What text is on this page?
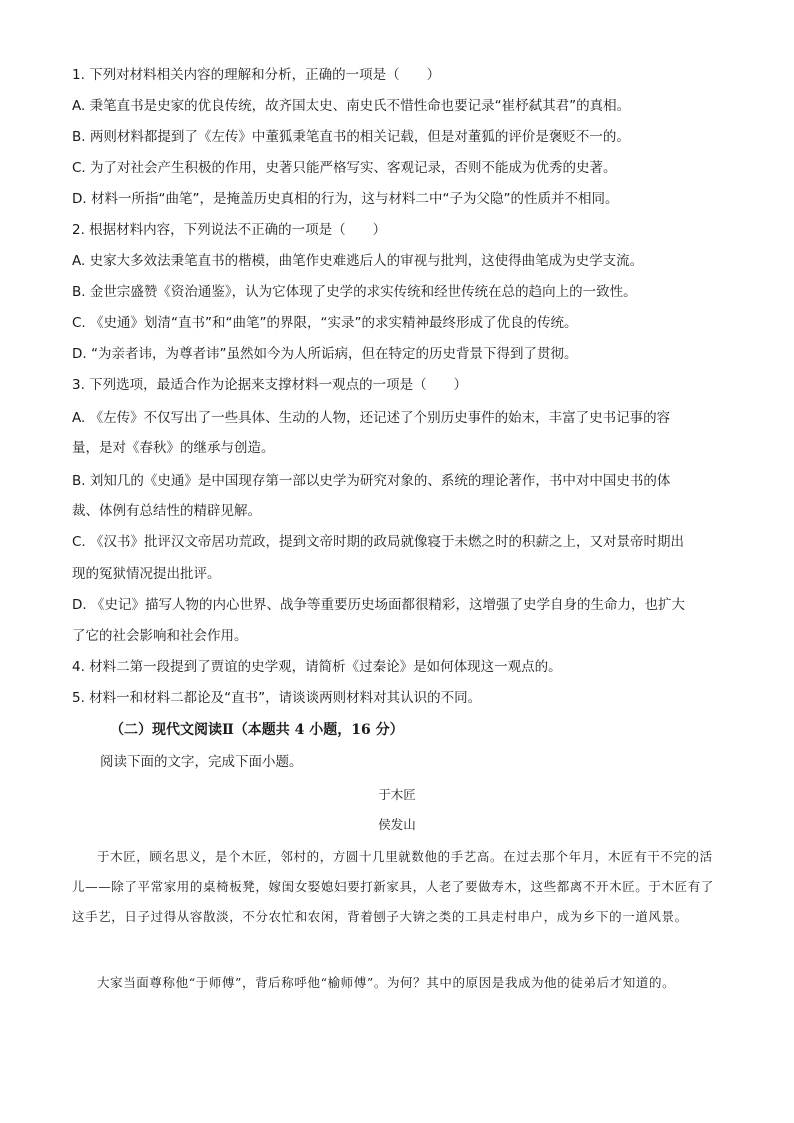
1. 下列对材料相关内容的理解和分析，正确的一项是（　　）
A. 秉笔直书是史家的优良传统，故齐国太史、南史氏不惜性命也要记录“崔杼弑其君”的真相。
B. 两则材料都提到了《左传》中董狐秉笔直书的相关记载，但是对董狐的评价是褒贬不一的。
C. 为了对社会产生积极的作用，史著只能严格写实、客观记录，否则不能成为优秀的史著。
D. 材料一所指“曲笔”，是掩盖历史真相的行为，这与材料二中“子为父隐”的性质并不相同。
2. 根据材料内容，下列说法不正确的一项是（　　）
A. 史家大多效法秉笔直书的楷模，曲笔作史难逃后人的审视与批判，这使得曲笔成为史学支流。
B. 金世宗盛赞《资治通鉴》，认为它体现了史学的求实传统和经世传统在总的趋向上的一致性。
C. 《史通》划清“直书”和“曲笔”的界限，“实录”的求实精神最终形成了优良的传统。
D. “为亲者讳，为尊者讳”虽然如今为人所诟病，但在特定的历史背景下得到了贯彻。
3. 下列选项，最适合作为论据来支撑材料一观点的一项是（　　）
A. 《左传》不仅写出了一些具体、生动的人物，还记述了个别历史事件的始末，丰富了史书记事的容
量，是对《春秋》的继承与创造。
B. 刘知几的《史通》是中国现存第一部以史学为研究对象的、系统的理论著作，书中对中国史书的体
裁、体例有总结性的精辟见解。
C. 《汉书》批评汉文帝居功荒政，提到文帝时期的政局就像寝于未燃之时的积薪之上，又对景帝时期出
现的冤狱情况提出批评。
D. 《史记》描写人物的内心世界、战争等重要历史场面都很精彩，这增强了史学自身的生命力，也扩大
了它的社会影响和社会作用。
4. 材料二第一段提到了贾谊的史学观，请简析《过秦论》是如何体现这一观点的。
5. 材料一和材料二都论及“直书”，请谈谈两则材料对其认识的不同。
（二）现代文阅读Ⅱ（本题共 4 小题，16 分）
阅读下面的文字，完成下面小题。
于木匠
侯发山
于木匠，顾名思义，是个木匠，邻村的，方圆十几里就数他的手艺高。在过去那个年月，木匠有干不完的活儿——除了平常家用的桌椅板凳，嫁闺女娶媳妇要打新家具，人老了要做寿木，这些都离不开木匠。于木匠有了这手艺，日子过得从容散淡，不分农忙和农闲，背着刨子大锛之类的工具走村串户，成为乡下的一道风景。
大家当面尊称他“于师傅”，背后称呼他“榆师傅”。为何？其中的原因是我成为他的徒弟后才知道的。
